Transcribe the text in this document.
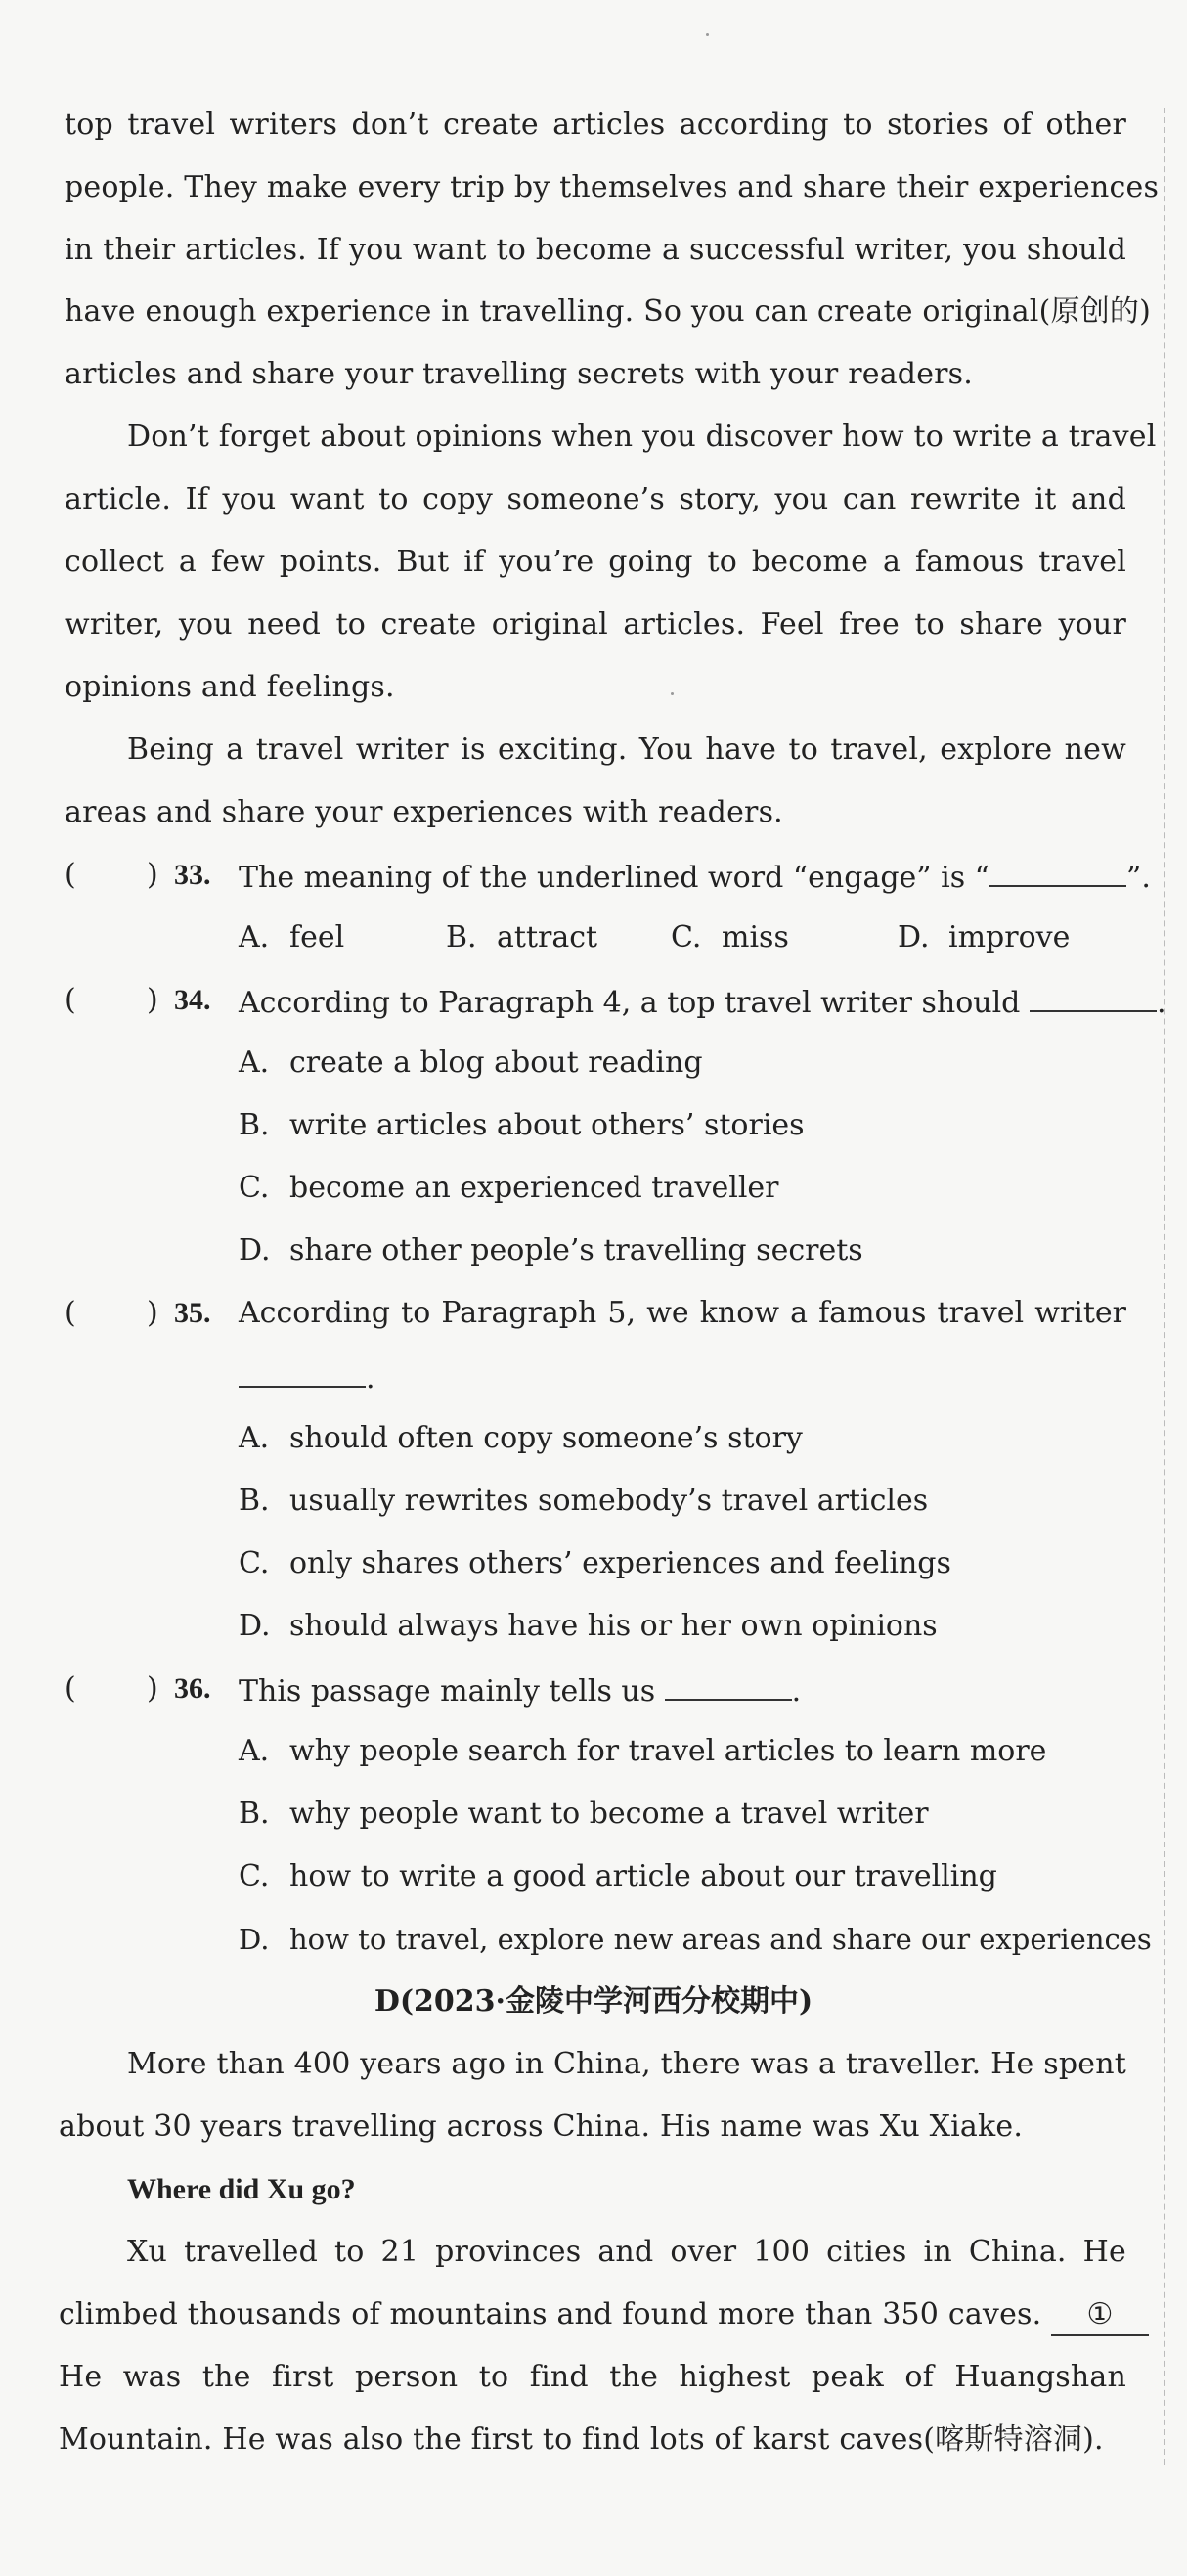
top travel writers don’t create articles according to stories of other
people. They make every trip by themselves and share their experiences
in their articles. If you want to become a successful writer, you should
have enough experience in travelling. So you can create original(原创的)
articles and share your travelling secrets with your readers.
Don’t forget about opinions when you discover how to write a travel
article. If you want to copy someone’s story, you can rewrite it and
collect a few points. But if you’re going to become a famous travel
writer, you need to create original articles. Feel free to share your
opinions and feelings.
Being a travel writer is exciting. You have to travel, explore new
areas and share your experiences with readers.
( ) 33. The meaning of the underlined word “engage” is “	”.
A. feel	B. attract C. miss	D. improve
( ) 34. According to Paragraph 4, a top travel writer should	.
A. create a blog about reading
B. write articles about others’ stories
C. become an experienced traveller
D. share other people’s travelling secrets
( ) 35. According to Paragraph 5, we know a famous travel writer
.
A. should often copy someone’s story
B. usually rewrites somebody’s travel articles
C. only shares others’ experiences and feelings
D. should always have his or her own opinions
( ) 36. This passage mainly tells us	.
A. why people search for travel articles to learn more
B. why people want to become a travel writer
C. how to write a good article about our travelling
D. how to travel, explore new areas and share our experiences
D(2023·金陵中学河西分校期中)
More than 400 years ago in China, there was a traveller. He spent
about 30 years travelling across China. His name was Xu Xiake.
Where did Xu go?
Xu travelled to 21 provinces and over 100 cities in China. He
climbed thousands of mountains and found more than 350 caves. ①
He was the first person to find the highest peak of Huangshan
Mountain. He was also the first to find lots of karst caves(喀斯特溶洞).
